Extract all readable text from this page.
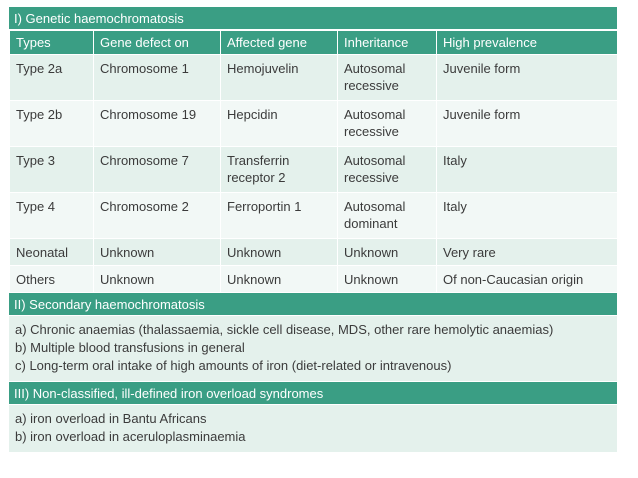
I) Genetic haemochromatosis
Types	Gene defect on	Affected gene	Inheritance	High prevalence
Type 2a	Chromosome 1	Hemojuvelin	Autosomal recessive	Juvenile form
Type 2b	Chromosome 19	Hepcidin	Autosomal recessive	Juvenile form
Type 3	Chromosome 7	Transferrin receptor 2	Autosomal recessive	Italy
Type 4	Chromosome 2	Ferroportin 1	Autosomal dominant	Italy
Neonatal	Unknown	Unknown	Unknown	Very rare
Others	Unknown	Unknown	Unknown	Of non-Caucasian origin
II) Secondary haemochromatosis
a) Chronic anaemias (thalassaemia, sickle cell disease, MDS, other rare hemolytic anaemias)
b) Multiple blood transfusions in general
c) Long-term oral intake of high amounts of iron (diet-related or intravenous)
III) Non-classified, ill-defined iron overload syndromes
a) iron overload in Bantu Africans
b) iron overload in aceruloplasminaemia
